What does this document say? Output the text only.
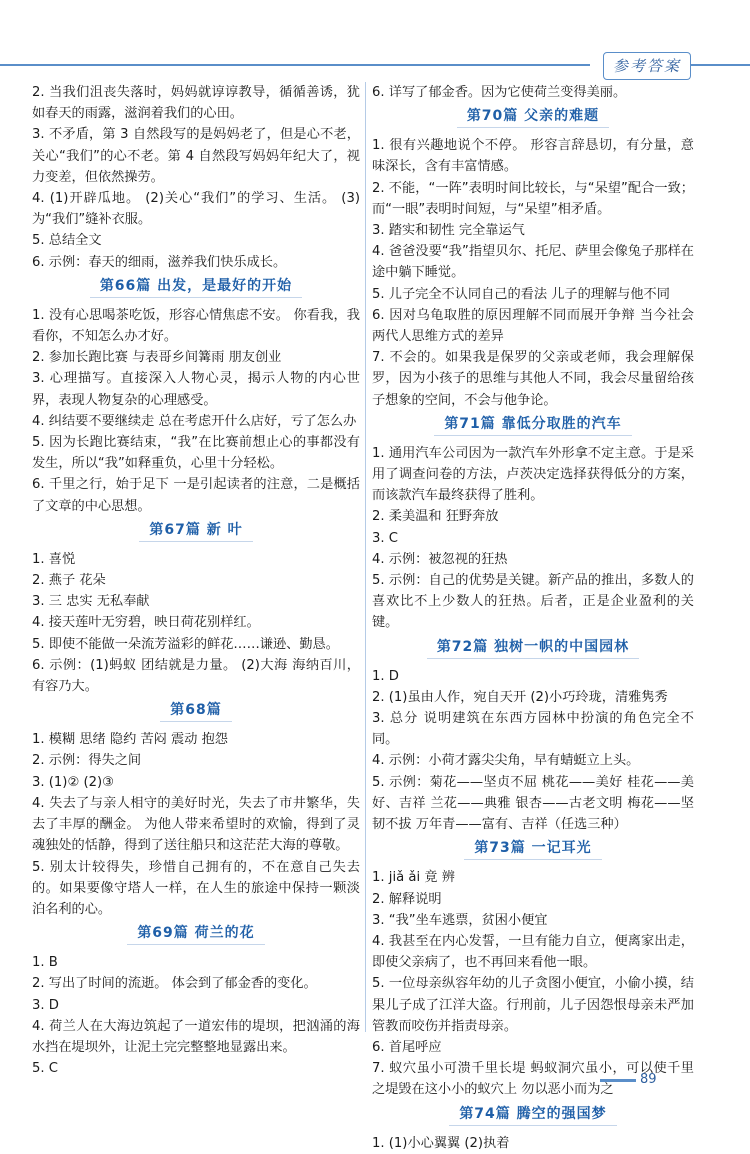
参考答案

2. 当我们沮丧失落时，妈妈就谆谆教导，循循善诱，犹如春天的雨露，滋润着我们的心田。

3. 不矛盾，第 3 自然段写的是妈妈老了，但是心不老，关心“我们”的心不老。第 4 自然段写妈妈年纪大了，视力变差，但依然操劳。

4. (1)开辟瓜地。 (2)关心“我们”的学习、生活。 (3)为“我们”缝补衣服。

5. 总结全文

6. 示例：春天的细雨，滋养我们快乐成长。

第66篇 出发，是最好的开始

1. 没有心思喝茶吃饭，形容心情焦虑不安。 你看我，我看你，不知怎么办才好。

2. 参加长跑比赛 与表哥乡间篝雨 朋友创业

3. 心理描写。直接深入人物心灵，揭示人物的内心世界，表现人物复杂的心理感受。

4. 纠结要不要继续走 总在考虑开什么店好，亏了怎么办

5. 因为长跑比赛结束，“我”在比赛前想止心的事都没有发生，所以“我”如释重负，心里十分轻松。

6. 千里之行，始于足下 一是引起读者的注意，二是概括了文章的中心思想。

第67篇 新 叶

1. 喜悦

2. 燕子 花朵

3. 三 忠实 无私奉献

4. 接天莲叶无穷碧，映日荷花别样红。

5. 即使不能做一朵流芳溢彩的鲜花……谦逊、勤恳。

6. 示例：(1)蚂蚁 团结就是力量。 (2)大海 海纳百川，有容乃大。

第68篇

1. 模糊 思绪 隐约 苦闷 震动 抱怨

2. 示例：得失之间

3. (1)② (2)③

4. 失去了与亲人相守的美好时光，失去了市井繁华，失去了丰厚的酬金。 为他人带来希望时的欢愉，得到了灵魂独处的恬静，得到了送往船只和这茫茫大海的尊敬。

5. 别太计较得失，珍惜自己拥有的，不在意自己失去的。如果要像守塔人一样，在人生的旅途中保持一颗淡泊名利的心。

第69篇 荷兰的花

1. B

2. 写出了时间的流逝。 体会到了郁金香的变化。

3. D

4. 荷兰人在大海边筑起了一道宏伟的堤坝，把汹涌的海水挡在堤坝外，让泥土完完整整地显露出来。

5. C

6. 详写了郁金香。因为它使荷兰变得美丽。

第70篇 父亲的难题

1. 很有兴趣地说个不停。 形容言辞恳切，有分量，意味深长，含有丰富情感。

2. 不能，“一阵”表明时间比较长，与“呆望”配合一致；而“一眼”表明时间短，与“呆望”相矛盾。

3. 踏实和韧性 完全靠运气

4. 爸爸没要“我”指望贝尔、托尼、萨里会像兔子那样在途中躺下睡觉。

5. 儿子完全不认同自己的看法 儿子的理解与他不同

6. 因对乌龟取胜的原因理解不同而展开争辩 当今社会两代人思维方式的差异

7. 不会的。如果我是保罗的父亲或老师，我会理解保罗，因为小孩子的思维与其他人不同，我会尽量留给孩子想象的空间，不会与他争论。

第71篇 靠低分取胜的汽车

1. 通用汽车公司因为一款汽车外形拿不定主意。于是采用了调查问卷的方法，卢茨决定选择获得低分的方案，而该款汽车最终获得了胜利。

2. 柔美温和 狂野奔放

3. C

4. 示例：被忽视的狂热

5. 示例：自己的优势是关键。新产品的推出，多数人的喜欢比不上少数人的狂热。后者，正是企业盈利的关键。

第72篇 独树一帜的中国园林

1. D

2. (1)虽由人作，宛自天开 (2)小巧玲珑，清雅隽秀

3. 总分 说明建筑在东西方园林中扮演的角色完全不同。

4. 示例：小荷才露尖尖角，早有蜻蜓立上头。

5. 示例：菊花——坚贞不屈 桃花——美好 桂花——美好、吉祥 兰花——典雅 银杏——古老文明 梅花——坚韧不拔 万年青——富有、吉祥（任选三种）

第73篇 一记耳光

1. jiǎ ǎi 竟 辨

2. 解释说明

3. “我”坐车逃票，贫困小便宜

4. 我甚至在内心发誓，一旦有能力自立，便离家出走，即使父亲病了，也不再回来看他一眼。

5. 一位母亲纵容年幼的儿子贪图小便宜，小偷小摸，结果儿子成了江洋大盗。行刑前，儿子因怨恨母亲未严加管教而咬伤并指责母亲。

6. 首尾呼应

7. 蚁穴虽小可溃千里长堤 蚂蚁洞穴虽小，可以使千里之堤毁在这小小的蚁穴上 勿以恶小而为之

第74篇 腾空的强国梦

1. (1)小心翼翼 (2)执着

89
